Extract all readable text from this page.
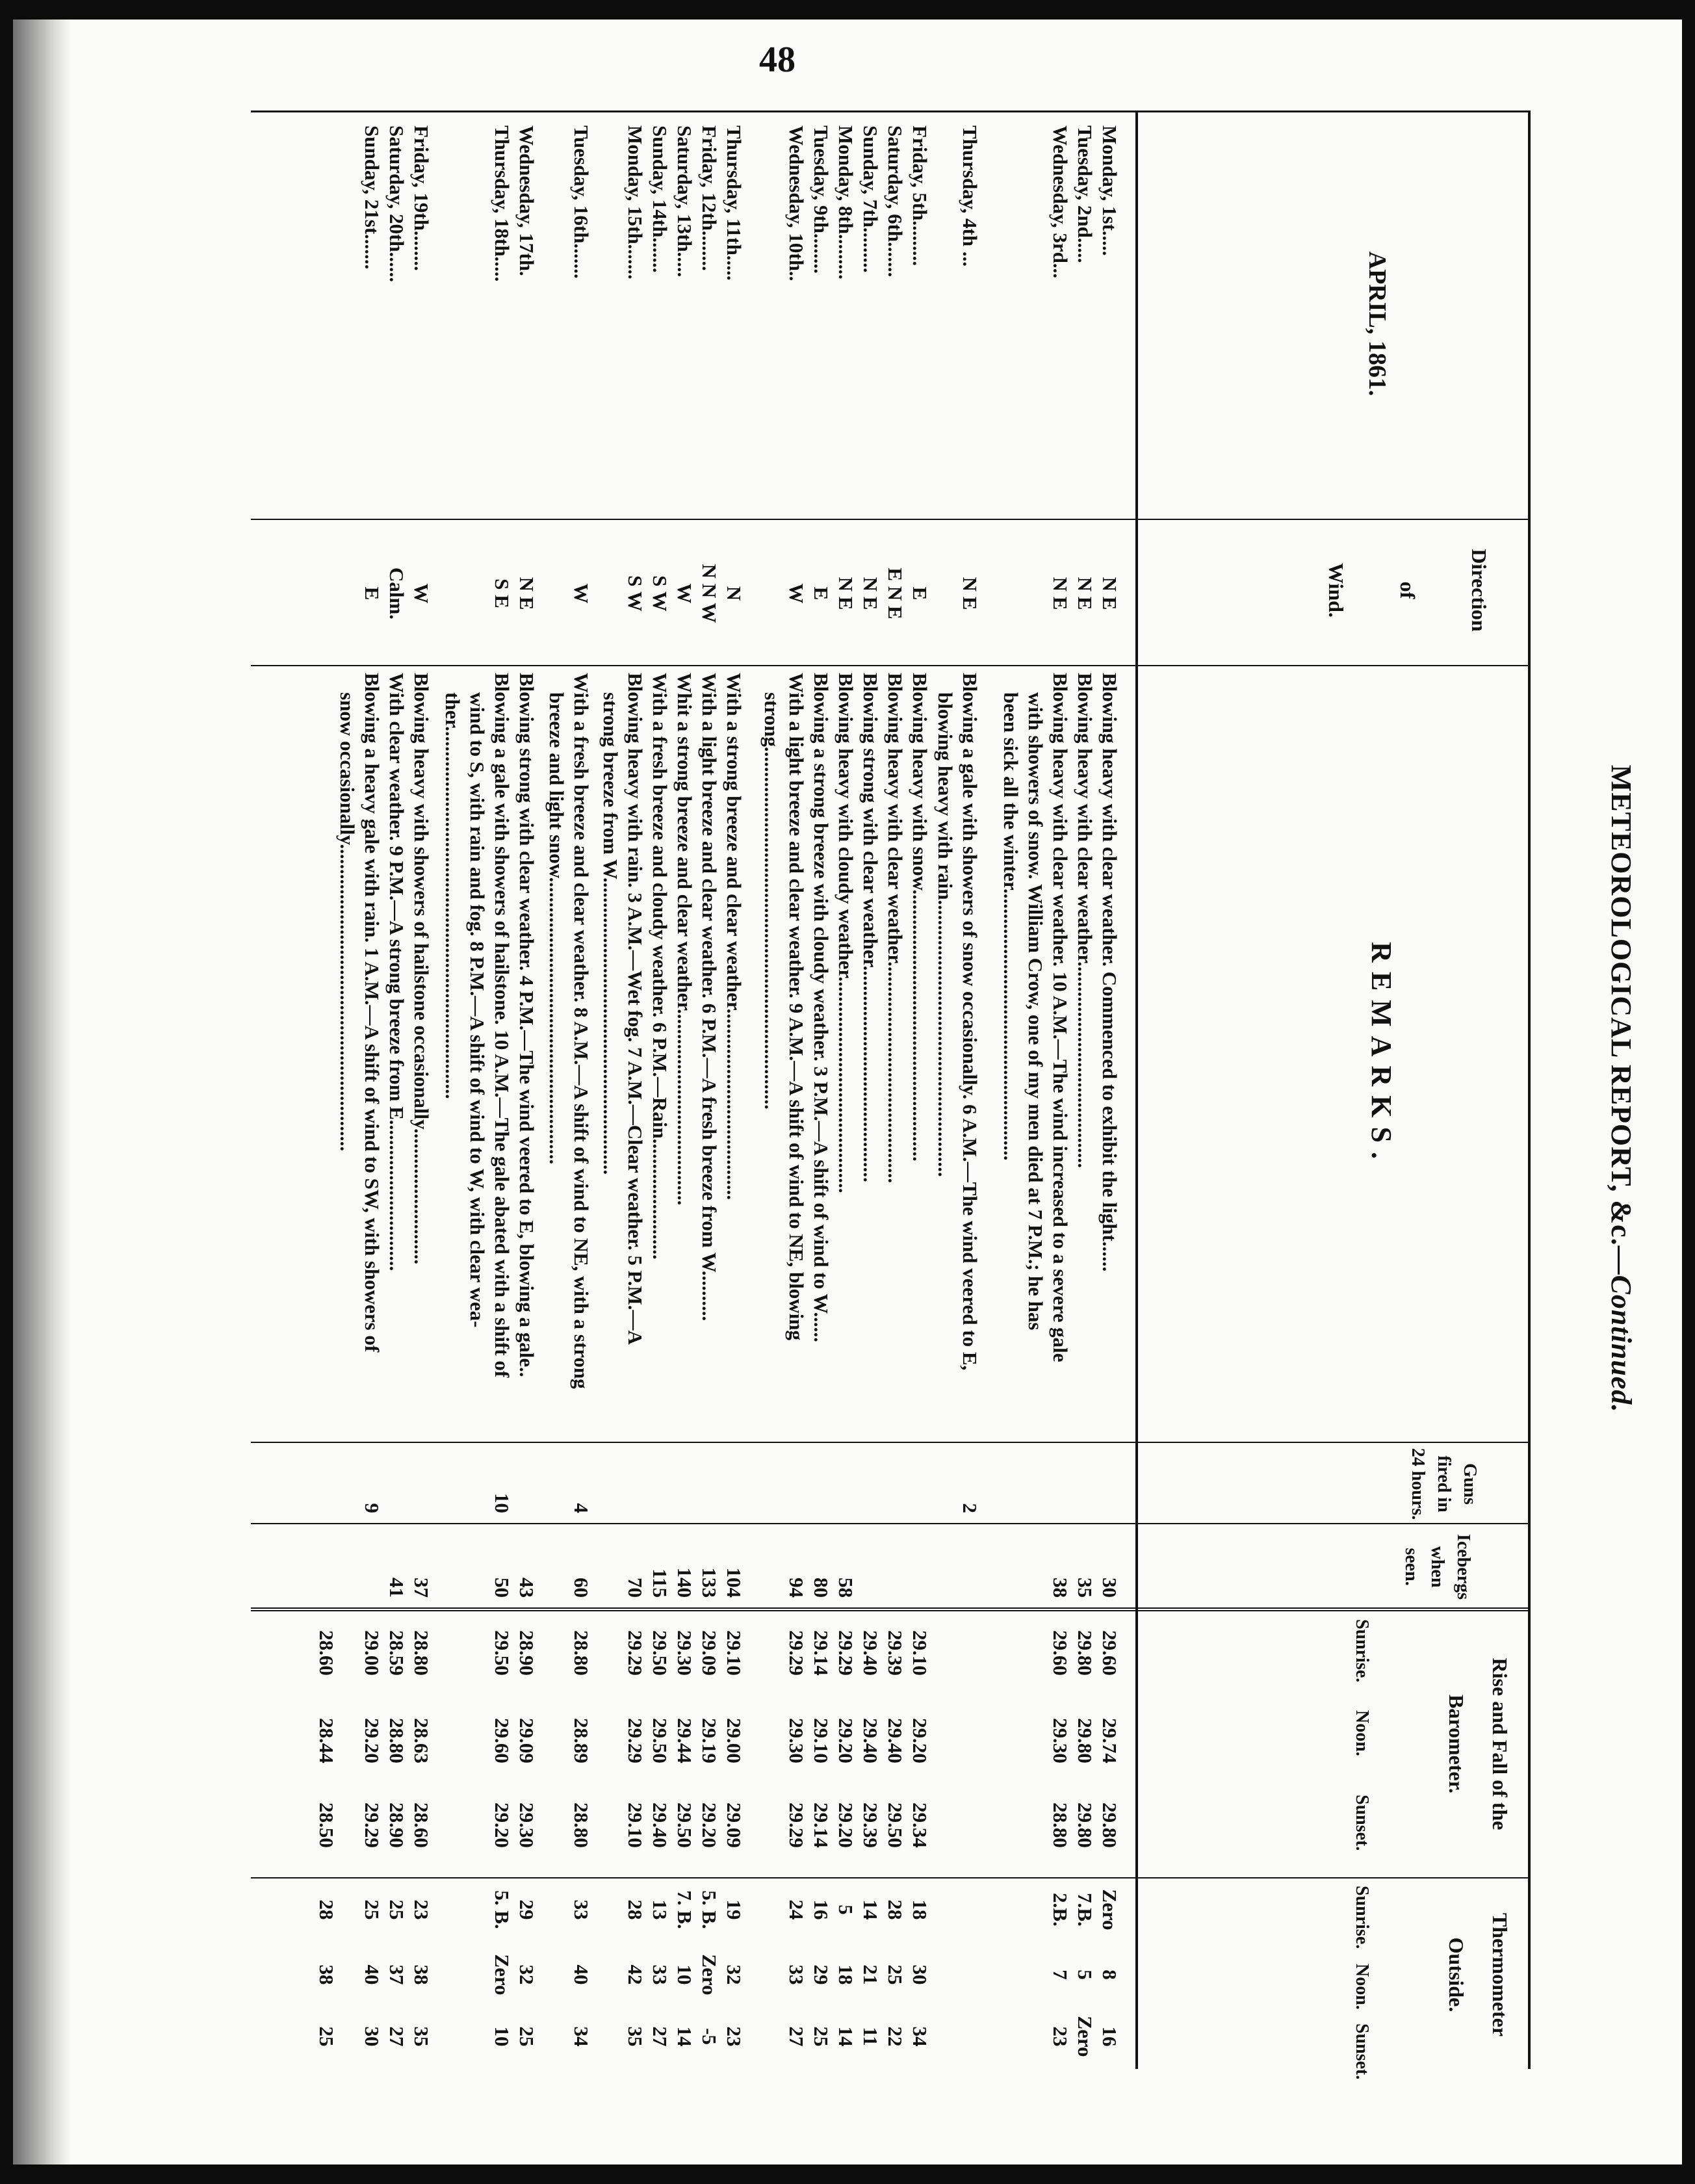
48
METEOROLOGICAL REPORT, &c.—Continued.
APRIL, 1861.
Direction
of
Wind.
REMARKS.
Guns fired in 24 hours.
Icebergs when seen.
Rise and Fall of the
Barometer.
Thermometer
Outside.
Sunrise.
Noon.
Sunset.
Sunrise.
Noon.
Sunset.
Monday, 1st.....
N E
Blowing heavy with clear weather. Commenced to exhibit the light......
30
29.60
29.74
29.80
Zero
8
16
Tuesday, 2nd.....
N E
Blowing heavy with clear weather.........................................
35
29.80
29.80
29.80
7.B.
5
Zero
Wednesday, 3rd...
N E
Blowing heavy with clear weather. 10 A.M.—The wind increased to a severe gale
with showers of snow. William Crow, one of my men died at 7 P.M.; he has
been sick all the winter......................................................
38
29.60
29.30
28.80
2.B.
7
23
Thursday, 4th ...
N E
Blowing a gale with showers of snow occasionally. 6 A.M.—The wind veered to E,
blowing heavy with rain.......................................................
2
Friday, 5th.........
E
Blowing heavy with snow......................................................
29.10
29.20
29.34
18
30
34
Saturday, 6th.......
E N E
Blowing heavy with clear weather............................................
29.39
29.40
29.50
28
25
22
Sunday, 7th.........
N E
Blowing strong with clear weather...........................................
29.40
29.40
29.39
14
21
11
Monday, 8th.........
N E
Blowing heavy with cloudy weather...........................................
58
29.29
29.20
29.20
5
18
14
Tuesday, 9th........
E
Blowing a strong breeze with cloudy weather. 3 P.M.—A shift of wind to W......
80
29.14
29.10
29.14
16
29
25
Wednesday, 10th..
W
With a light breeze and clear weather. 9 A.M.—A shift of wind to NE, blowing
strong........................................................................
94
29.29
29.30
29.29
24
33
27
Thursday, 11th.....
N
With a strong breeze and clear weather......................................
104
29.10
29.00
29.09
19
32
23
Friday, 12th........
N N W
With a light breeze and clear weather. 6 P.M.—A fresh breeze from W..........
133
29.09
29.19
29.20
5. B.
Zero
-5
Saturday, 13th.....
W
Whit a strong breeze and clear weather.......................................
140
29.30
29.44
29.50
7. B.
10
14
Sunday, 14th.......
S W
With a fresh breeze and cloudy weather. 6 P.M.—Rain........................
115
29.50
29.50
29.40
13
33
27
Monday, 15th.......
S W
Blowing heavy with rain. 3 A.M.—Wet fog. 7 A.M.—Clear weather. 5 P.M.—A
strong breeze from W...........................................................
70
29.29
29.29
29.10
28
42
35
Tuesday, 16th.......
W
With a fresh breeze and clear weather. 8 A.M.—A shift of wind to NE, with a strong
breeze and light snow.........................................................
4
60
28.80
28.89
28.80
33
40
34
Wednesday, 17th.
N E
Blowing strong with clear weather. 4 P.M.—The wind veered to E, blowing a gale..
43
28.90
29.09
29.30
29
32
25
Thursday, 18th.....
S E
Blowing a gale with showers of hailstone. 10 A.M.—The gale abated with a shift of
wind to S, with rain and fog. 8 P.M.—A shift of wind to W, with clear wea-
ther..........................................................................
10
50
29.50
29.60
29.20
5. B.
Zero
10
Friday, 19th........
W
Blowing heavy with showers of hailstone occasionally...........................
37
28.80
28.63
28.60
23
38
35
Saturday, 20th......
Calm.
With clear weather. 9 P.M.—A strong breeze from E..............................
41
28.59
28.80
28.90
25
37
27
Sunday, 21st.......
E
Blowing a heavy gale with rain. 1 A.M.—A shift of wind to SW, with showers of
snow occasionally.............................................................
9
29.00
29.20
29.29
25
40
30
28.60
28.44
28.50
28
38
25
